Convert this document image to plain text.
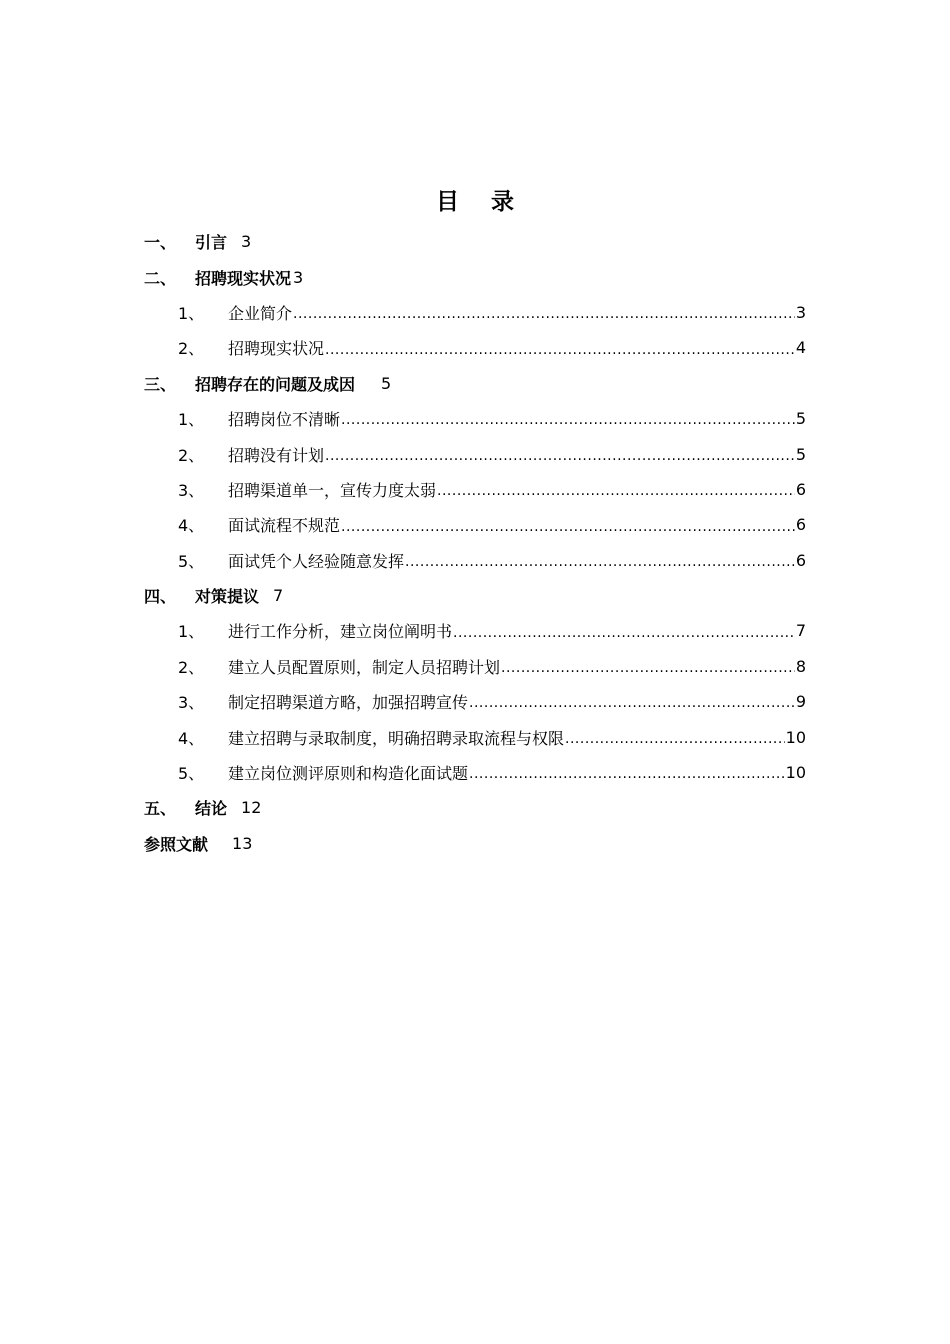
目 录
一、	引言 3
二、	招聘现实状况 3
1、	企业简介 .....	3
2、	招聘现实状况 .....	4
三、	招聘存在的问题及成因 5
1、	招聘岗位不清晰 .....	5
2、	招聘没有计划 .....	5
3、	招聘渠道单一，宣传力度太弱 .....	6
4、	面试流程不规范 .....	6
5、	面试凭个人经验随意发挥 .....	6
四、	对策提议 7
1、	进行工作分析，建立岗位阐明书 .....	7
2、	建立人员配置原则，制定人员招聘计划 .....	8
3、	制定招聘渠道方略，加强招聘宣传 .....	9
4、	建立招聘与录取制度，明确招聘录取流程与权限 .....	10
5、	建立岗位测评原则和构造化面试题 .....	10
五、	结论 12
参照文献 13
